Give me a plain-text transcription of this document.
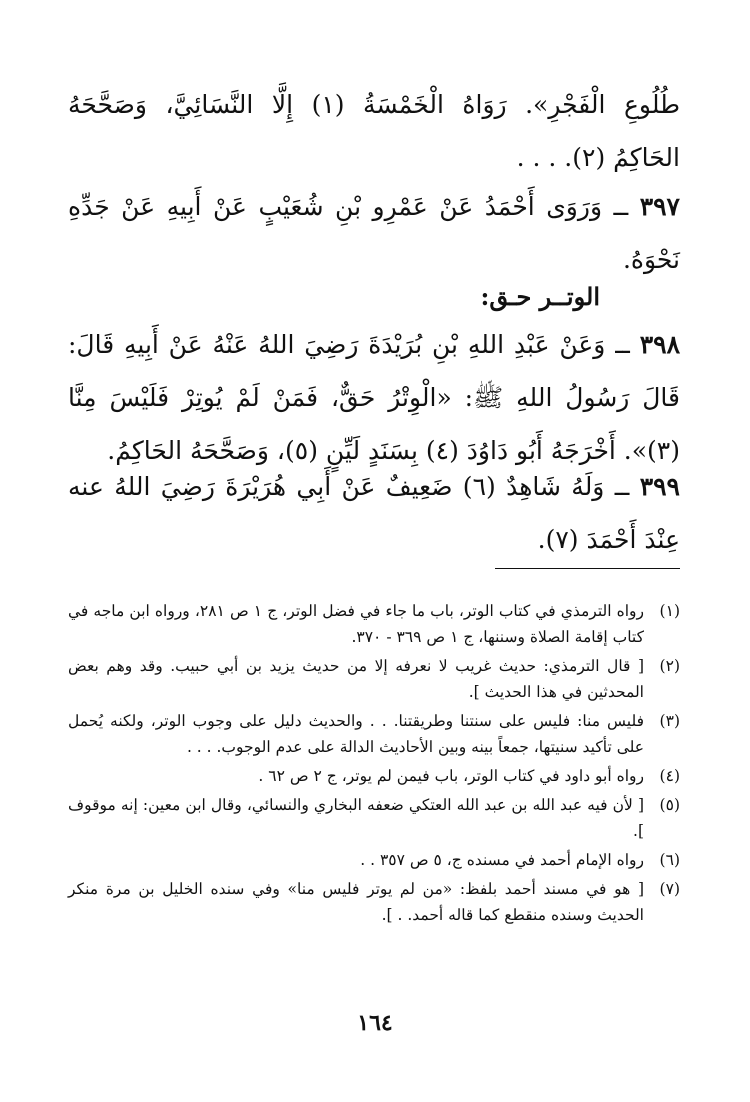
طُلُوعِ الْفَجْرِ». رَوَاهُ الْخَمْسَةُ (١) إِلَّا النَّسَائِيَّ، وَصَحَّحَهُ الحَاكِمُ (٢). . . .

٣٩٧ ــ وَرَوَى أَحْمَدُ عَنْ عَمْرِو بْنِ شُعَيْبٍ عَنْ أَبِيهِ عَنْ جَدِّهِ نَحْوَهُ.

الوتــر حـق:

٣٩٨ ــ وَعَنْ عَبْدِ اللهِ بْنِ بُرَيْدَةَ رَضِيَ اللهُ عَنْهُ عَنْ أَبِيهِ قَالَ: قَالَ رَسُولُ اللهِ ﷺ: «الْوِتْرُ حَقٌّ، فَمَنْ لَمْ يُوتِرْ فَلَيْسَ مِنَّا (٣)». أَخْرَجَهُ أَبُو دَاوُدَ (٤) بِسَنَدٍ لَيِّنٍ (٥)، وَصَحَّحَهُ الحَاكِمُ.

٣٩٩ ــ وَلَهُ شَاهِدٌ (٦) ضَعِيفٌ عَنْ أَبِي هُرَيْرَةَ رَضِيَ اللهُ عنه عِنْدَ أَحْمَدَ (٧).

(١)
رواه الترمذي في كتاب الوتر، باب ما جاء في فضل الوتر، ج ١ ص ٢٨١، ورواه ابن ماجه في كتاب إقامة الصلاة وسننها، ج ١ ص ٣٦٩ - ٣٧٠.
(٢)
[ قال الترمذي: حديث غريب لا نعرفه إلا من حديث يزيد بن أبي حبيب. وقد وهم بعض المحدثين في هذا الحديث ].
(٣)
فليس منا: فليس على سنتنا وطريقتنا. . . والحديث دليل على وجوب الوتر، ولكنه يُحمل على تأكيد سنيتها، جمعاً بينه وبين الأحاديث الدالة على عدم الوجوب. . . .
(٤)
رواه أبو داود في كتاب الوتر، باب فيمن لم يوتر، ج ٢ ص ٦٢ .
(٥)
[ لأن فيه عبد الله بن عبد الله العتكي ضعفه البخاري والنسائي، وقال ابن معين: إنه موقوف ].
(٦)
رواه الإمام أحمد في مسنده ج، ٥ ص ٣٥٧ . .
(٧)
[ هو في مسند أحمد بلفظ: «من لم يوتر فليس منا» وفي سنده الخليل بن مرة منكر الحديث وسنده منقطع كما قاله أحمد. . ].
١٦٤
